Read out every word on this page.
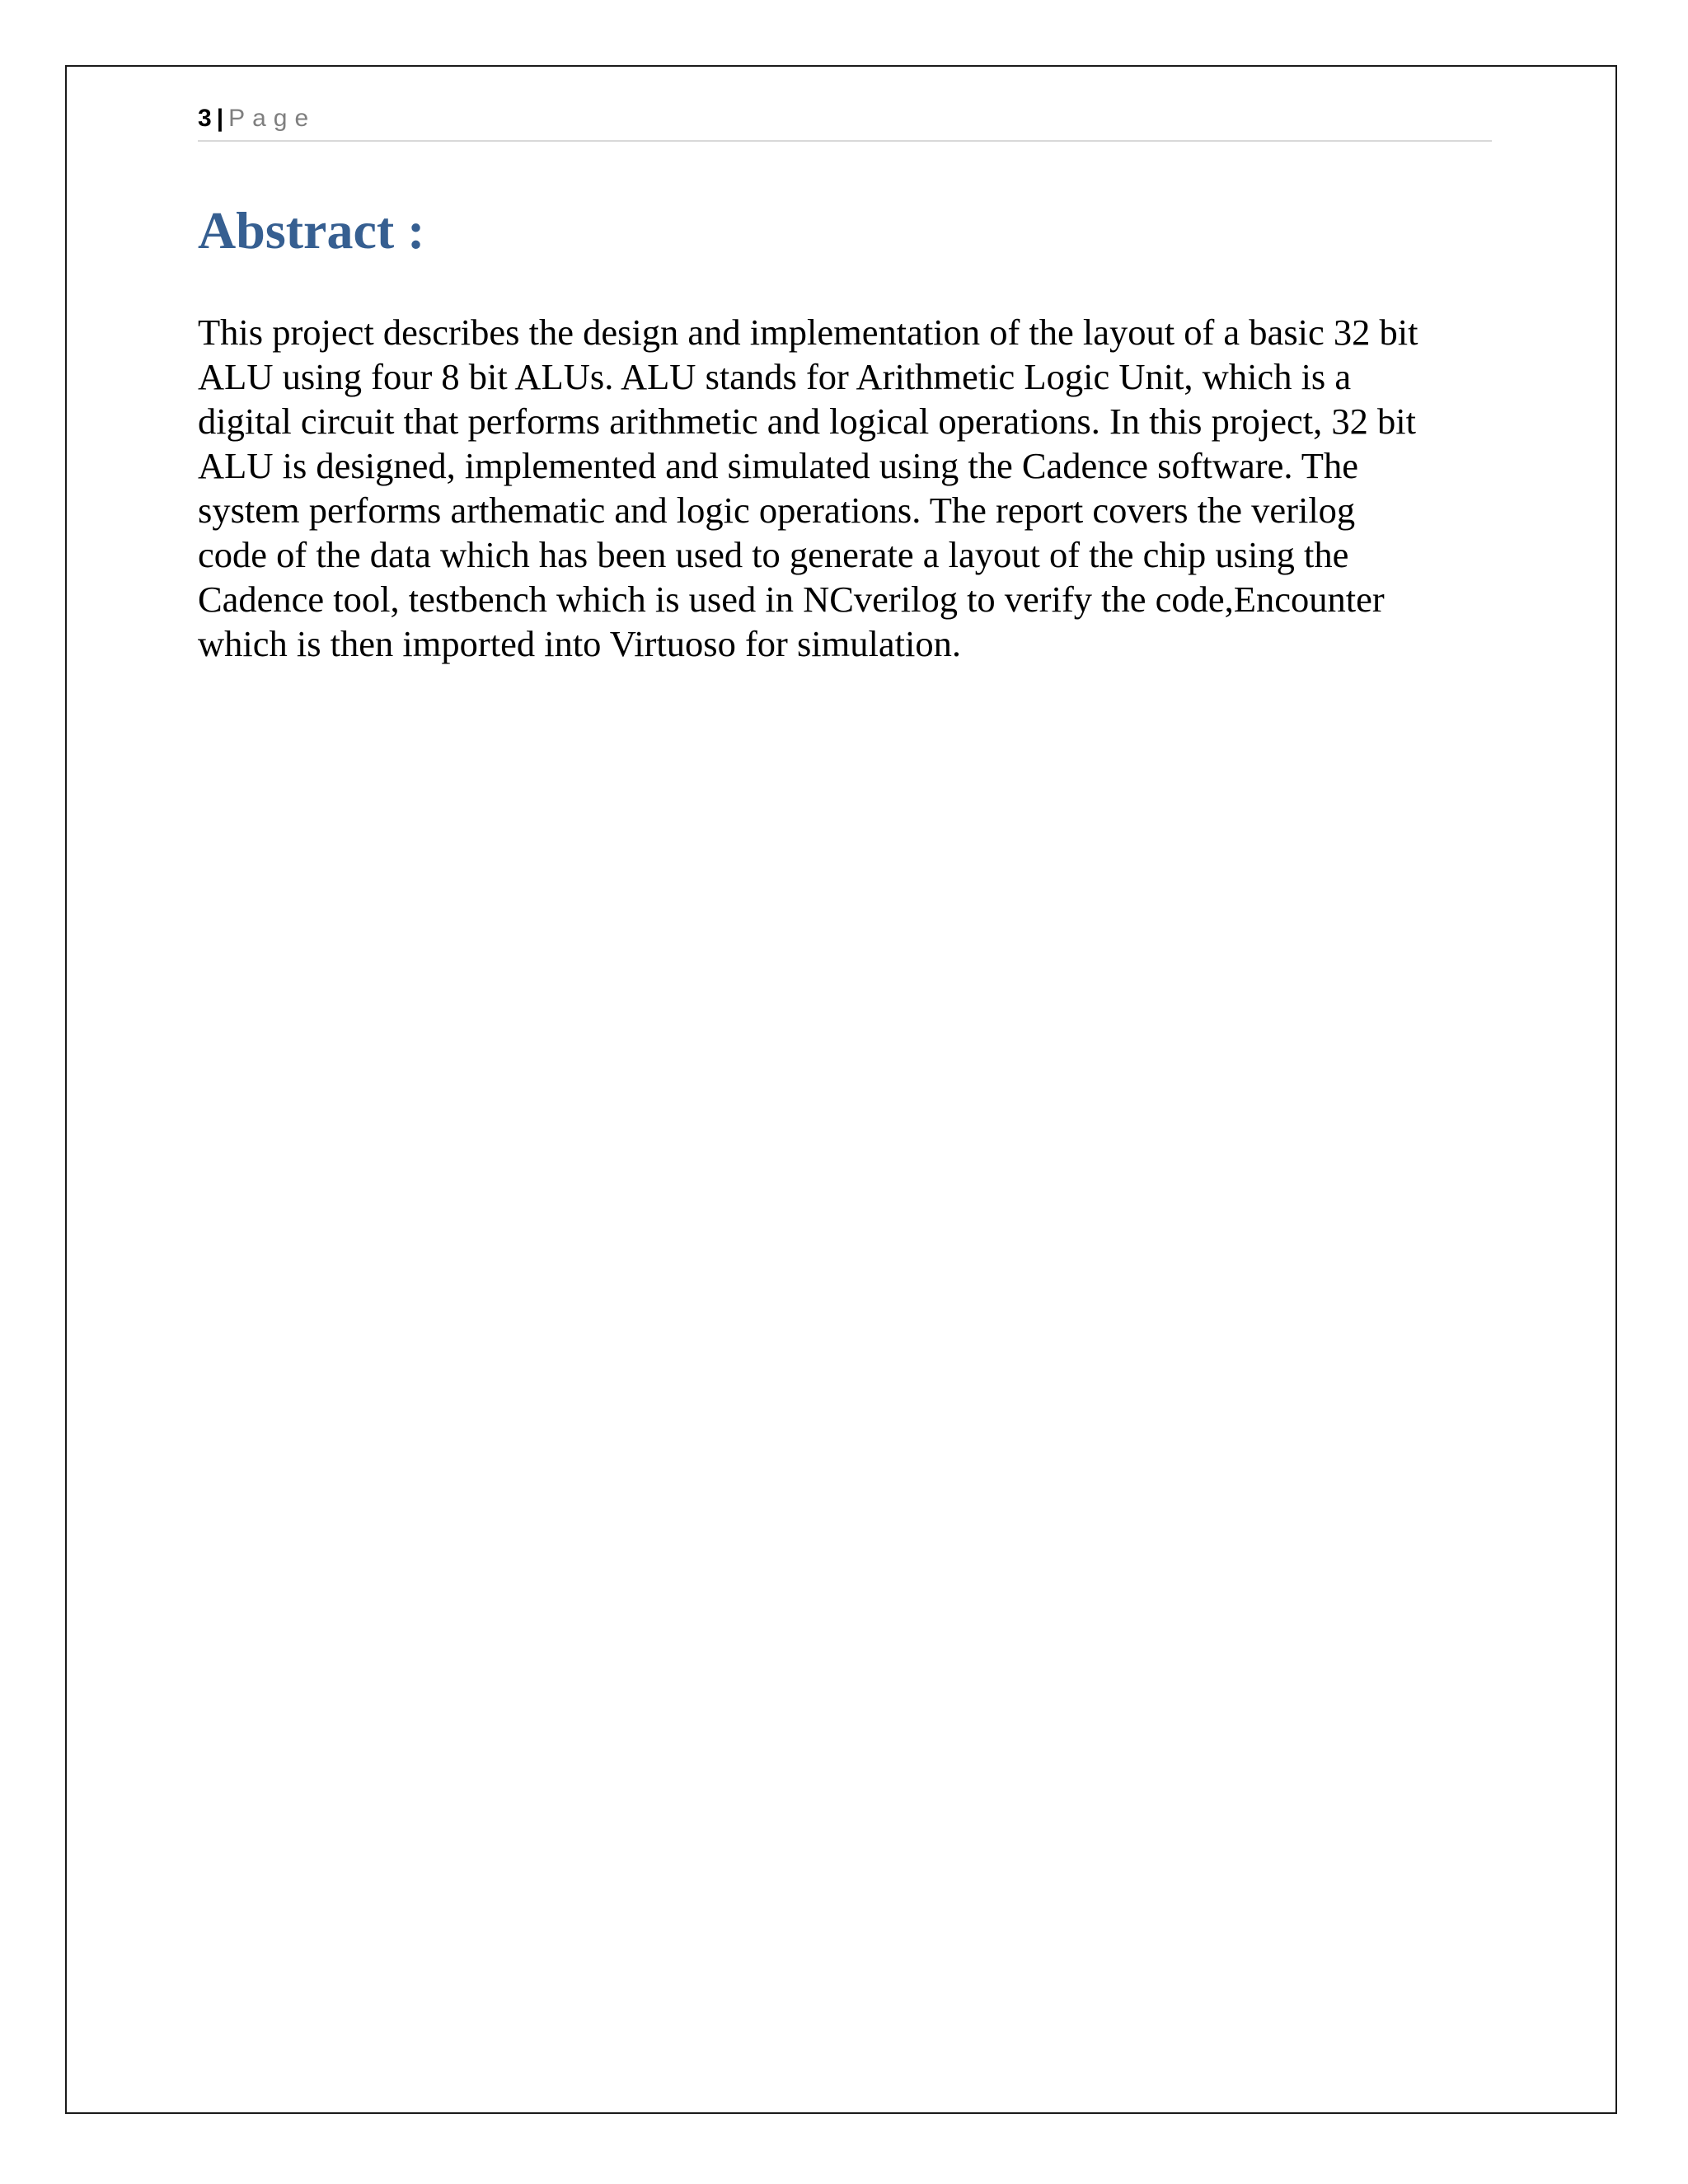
3 | Page
Abstract :

This project describes the design and implementation of the layout of a basic 32 bit
ALU using four 8 bit ALUs. ALU stands for Arithmetic Logic Unit, which is a
digital circuit that performs arithmetic and logical operations. In this project, 32 bit
ALU is designed, implemented and simulated using the Cadence software. The
system performs arthematic and logic operations. The report covers the verilog
code of the data which has been used to generate a layout of the chip using the
Cadence tool, testbench which is used in NCverilog to verify the code,Encounter
which is then imported into Virtuoso for simulation.
